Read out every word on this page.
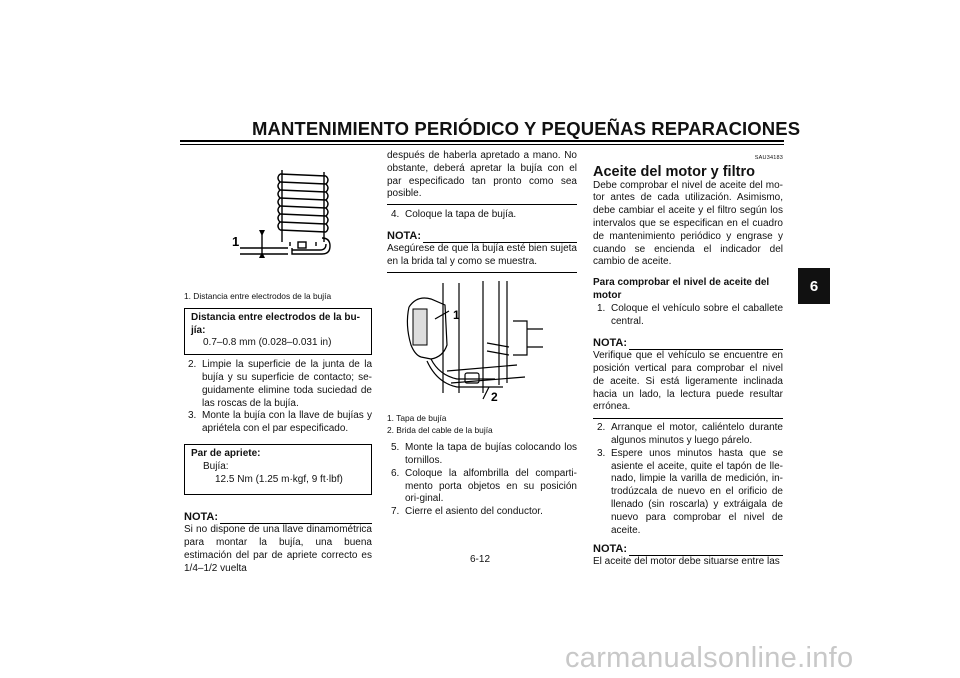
MANTENIMIENTO PERIÓDICO Y PEQUEÑAS REPARACIONES
6
1

1. Distancia entre electrodos de la bujía

Distancia entre electrodos de la bu-
jía:
0.7–0.8 mm (0.028–0.031 in)
2. Limpie la superficie de la junta de la bujía y su superficie de contacto; se-guidamente elimine toda suciedad de las roscas de la bujía.
3. Monte la bujía con la llave de bujías y apriétela con el par especificado.
Par de apriete:
Bujía:
12.5 Nm (1.25 m·kgf, 9 ft·lbf)
NOTA:

Si no dispone de una llave dinamométrica para montar la bujía, una buena estimación del par de apriete correcto es 1/4–1/2 vuelta

después de haberla apretado a mano. No obstante, deberá apretar la bujía con el par especificado tan pronto como sea posible.

4. Coloque la tapa de bujía.
NOTA:

Asegúrese de que la bujía esté bien sujeta en la brida tal y como se muestra.

1
2

1. Tapa de bujía

2. Brida del cable de la bujía

5. Monte la tapa de bujías colocando los tornillos.
6. Coloque la alfombrilla del comparti-mento porta objetos en su posición ori-ginal.
7. Cierre el asiento del conductor.
SAU34183
Aceite del motor y filtro

Debe comprobar el nivel de aceite del mo-tor antes de cada utilización. Asimismo, debe cambiar el aceite y el filtro según los intervalos que se especifican en el cuadro de mantenimiento periódico y engrase y cuando se encienda el indicador del cambio de aceite.

Para comprobar el nivel de aceite del motor

1. Coloque el vehículo sobre el caballete central.
NOTA:

Verifique que el vehículo se encuentre en posición vertical para comprobar el nivel de aceite. Si está ligeramente inclinada hacia un lado, la lectura puede resultar errónea.

2. Arranque el motor, caliéntelo durante algunos minutos y luego párelo.
3. Espere unos minutos hasta que se asiente el aceite, quite el tapón de lle-nado, limpie la varilla de medición, in-trodúzcala de nuevo en el orificio de llenado (sin roscarla) y extráigala de nuevo para comprobar el nivel de aceite.
NOTA:

El aceite del motor debe situarse entre las

6-12
carmanualsonline.info
